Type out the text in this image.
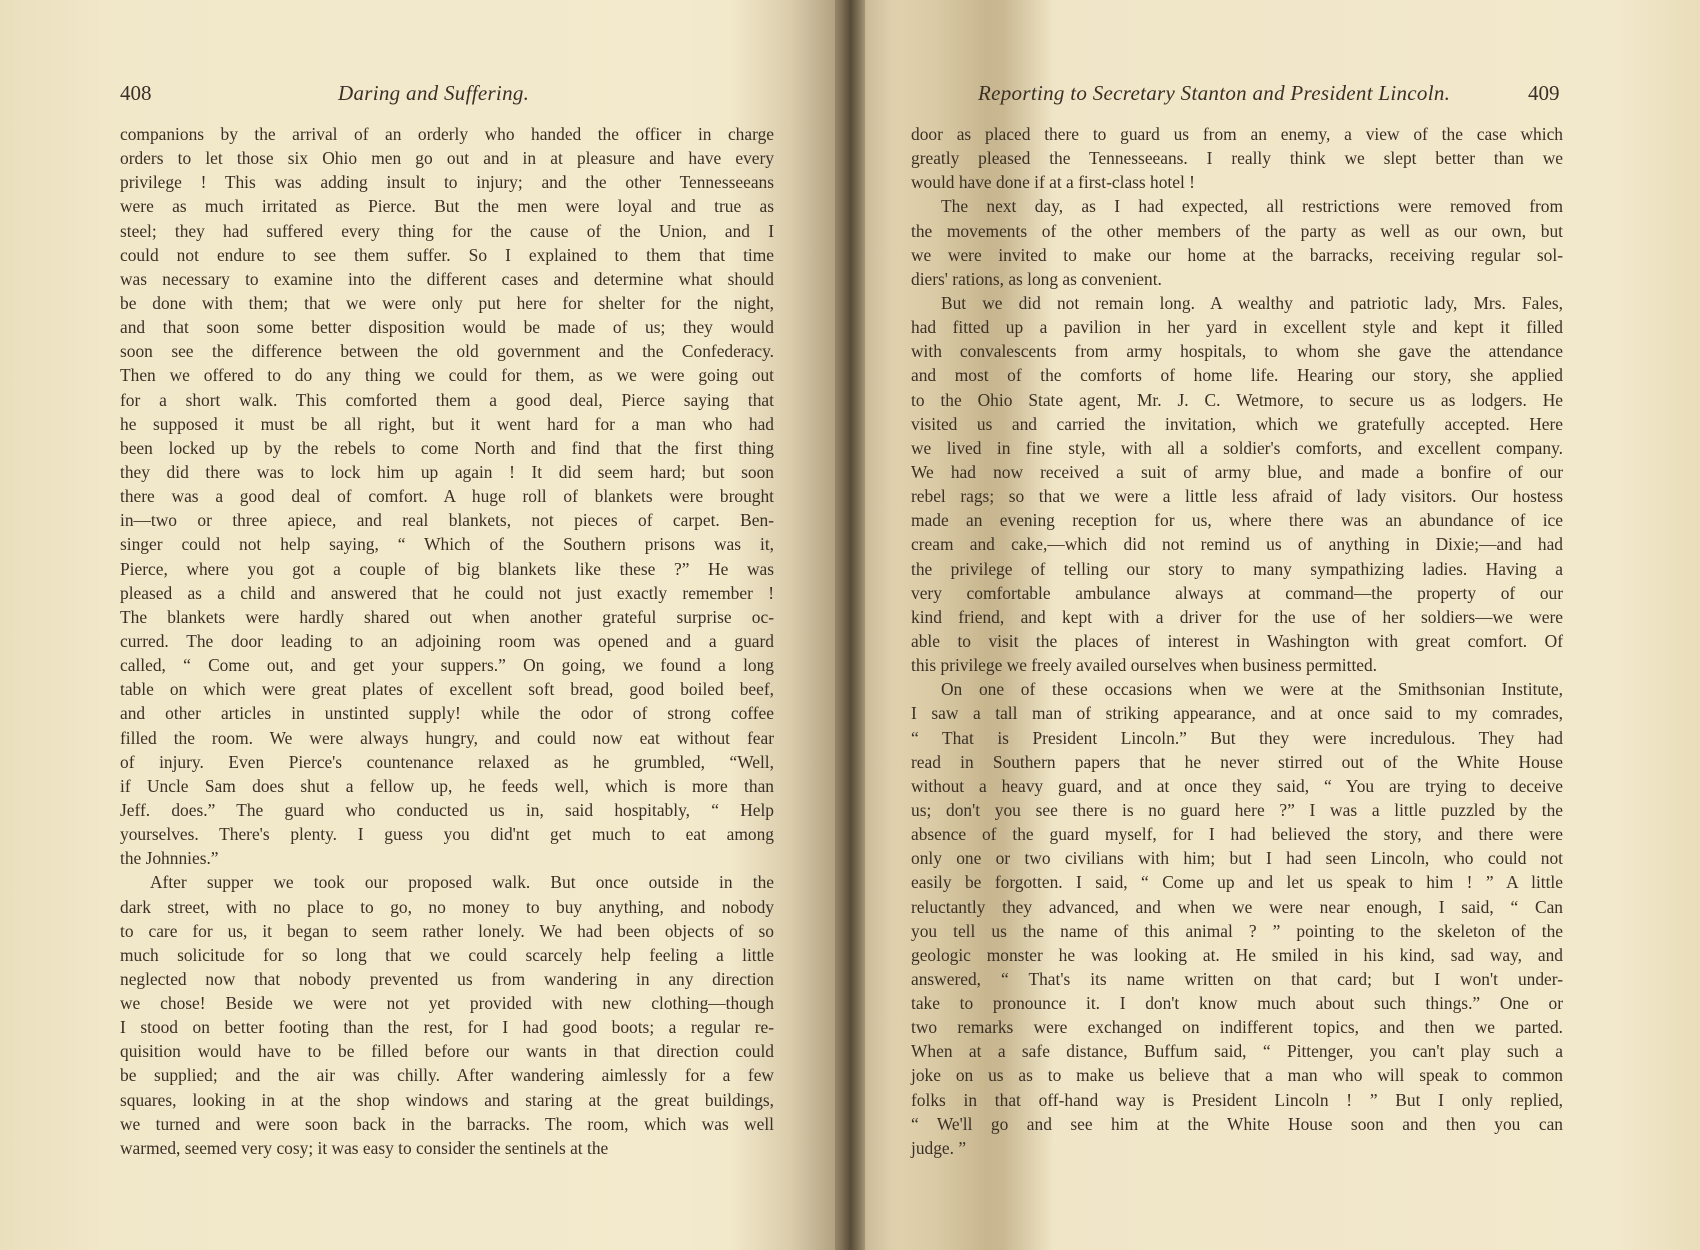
408	Daring and Suffering.
companions by the arrival of an orderly who handed the officer in charge
orders to let those six Ohio men go out and in at pleasure and have every
privilege ! This was adding insult to injury; and the other Tennesseeans
were as much irritated as Pierce. But the men were loyal and true as
steel; they had suffered every thing for the cause of the Union, and I
could not endure to see them suffer. So I explained to them that time
was necessary to examine into the different cases and determine what should
be done with them; that we were only put here for shelter for the night,
and that soon some better disposition would be made of us; they would
soon see the difference between the old government and the Confederacy.
Then we offered to do any thing we could for them, as we were going out
for a short walk. This comforted them a good deal, Pierce saying that
he supposed it must be all right, but it went hard for a man who had
been locked up by the rebels to come North and find that the first thing
they did there was to lock him up again ! It did seem hard; but soon
there was a good deal of comfort. A huge roll of blankets were brought
in—two or three apiece, and real blankets, not pieces of carpet. Ben-
singer could not help saying, “ Which of the Southern prisons was it,
Pierce, where you got a couple of big blankets like these ?” He was
pleased as a child and answered that he could not just exactly remember !
The blankets were hardly shared out when another grateful surprise oc-
curred. The door leading to an adjoining room was opened and a guard
called, “ Come out, and get your suppers.” On going, we found a long
table on which were great plates of excellent soft bread, good boiled beef,
and other articles in unstinted supply! while the odor of strong coffee
filled the room. We were always hungry, and could now eat without fear
of injury. Even Pierce's countenance relaxed as he grumbled, “Well,
if Uncle Sam does shut a fellow up, he feeds well, which is more than
Jeff. does.” The guard who conducted us in, said hospitably, “ Help
yourselves. There's plenty. I guess you did'nt get much to eat among
the Johnnies.”
After supper we took our proposed walk. But once outside in the
dark street, with no place to go, no money to buy anything, and nobody
to care for us, it began to seem rather lonely. We had been objects of so
much solicitude for so long that we could scarcely help feeling a little
neglected now that nobody prevented us from wandering in any direction
we chose! Beside we were not yet provided with new clothing—though
I stood on better footing than the rest, for I had good boots; a regular re-
quisition would have to be filled before our wants in that direction could
be supplied; and the air was chilly. After wandering aimlessly for a few
squares, looking in at the shop windows and staring at the great buildings,
we turned and were soon back in the barracks. The room, which was well
warmed, seemed very cosy; it was easy to consider the sentinels at the
Reporting to Secretary Stanton and President Lincoln.	409
door as placed there to guard us from an enemy, a view of the case which
greatly pleased the Tennesseeans. I really think we slept better than we
would have done if at a first-class hotel !
The next day, as I had expected, all restrictions were removed from
the movements of the other members of the party as well as our own, but
we were invited to make our home at the barracks, receiving regular sol-
diers' rations, as long as convenient.
But we did not remain long. A wealthy and patriotic lady, Mrs. Fales,
had fitted up a pavilion in her yard in excellent style and kept it filled
with convalescents from army hospitals, to whom she gave the attendance
and most of the comforts of home life. Hearing our story, she applied
to the Ohio State agent, Mr. J. C. Wetmore, to secure us as lodgers. He
visited us and carried the invitation, which we gratefully accepted. Here
we lived in fine style, with all a soldier's comforts, and excellent company.
We had now received a suit of army blue, and made a bonfire of our
rebel rags; so that we were a little less afraid of lady visitors. Our hostess
made an evening reception for us, where there was an abundance of ice
cream and cake,—which did not remind us of anything in Dixie;—and had
the privilege of telling our story to many sympathizing ladies. Having a
very comfortable ambulance always at command—the property of our
kind friend, and kept with a driver for the use of her soldiers—we were
able to visit the places of interest in Washington with great comfort. Of
this privilege we freely availed ourselves when business permitted.
On one of these occasions when we were at the Smithsonian Institute,
I saw a tall man of striking appearance, and at once said to my comrades,
“ That is President Lincoln.” But they were incredulous. They had
read in Southern papers that he never stirred out of the White House
without a heavy guard, and at once they said, “ You are trying to deceive
us; don't you see there is no guard here ?” I was a little puzzled by the
absence of the guard myself, for I had believed the story, and there were
only one or two civilians with him; but I had seen Lincoln, who could not
easily be forgotten. I said, “ Come up and let us speak to him ! ” A little
reluctantly they advanced, and when we were near enough, I said, “ Can
you tell us the name of this animal ? ” pointing to the skeleton of the
geologic monster he was looking at. He smiled in his kind, sad way, and
answered, “ That's its name written on that card; but I won't under-
take to pronounce it. I don't know much about such things.” One or
two remarks were exchanged on indifferent topics, and then we parted.
When at a safe distance, Buffum said, “ Pittenger, you can't play such a
joke on us as to make us believe that a man who will speak to common
folks in that off-hand way is President Lincoln ! ” But I only replied,
“ We'll go and see him at the White House soon and then you can
judge. ”
